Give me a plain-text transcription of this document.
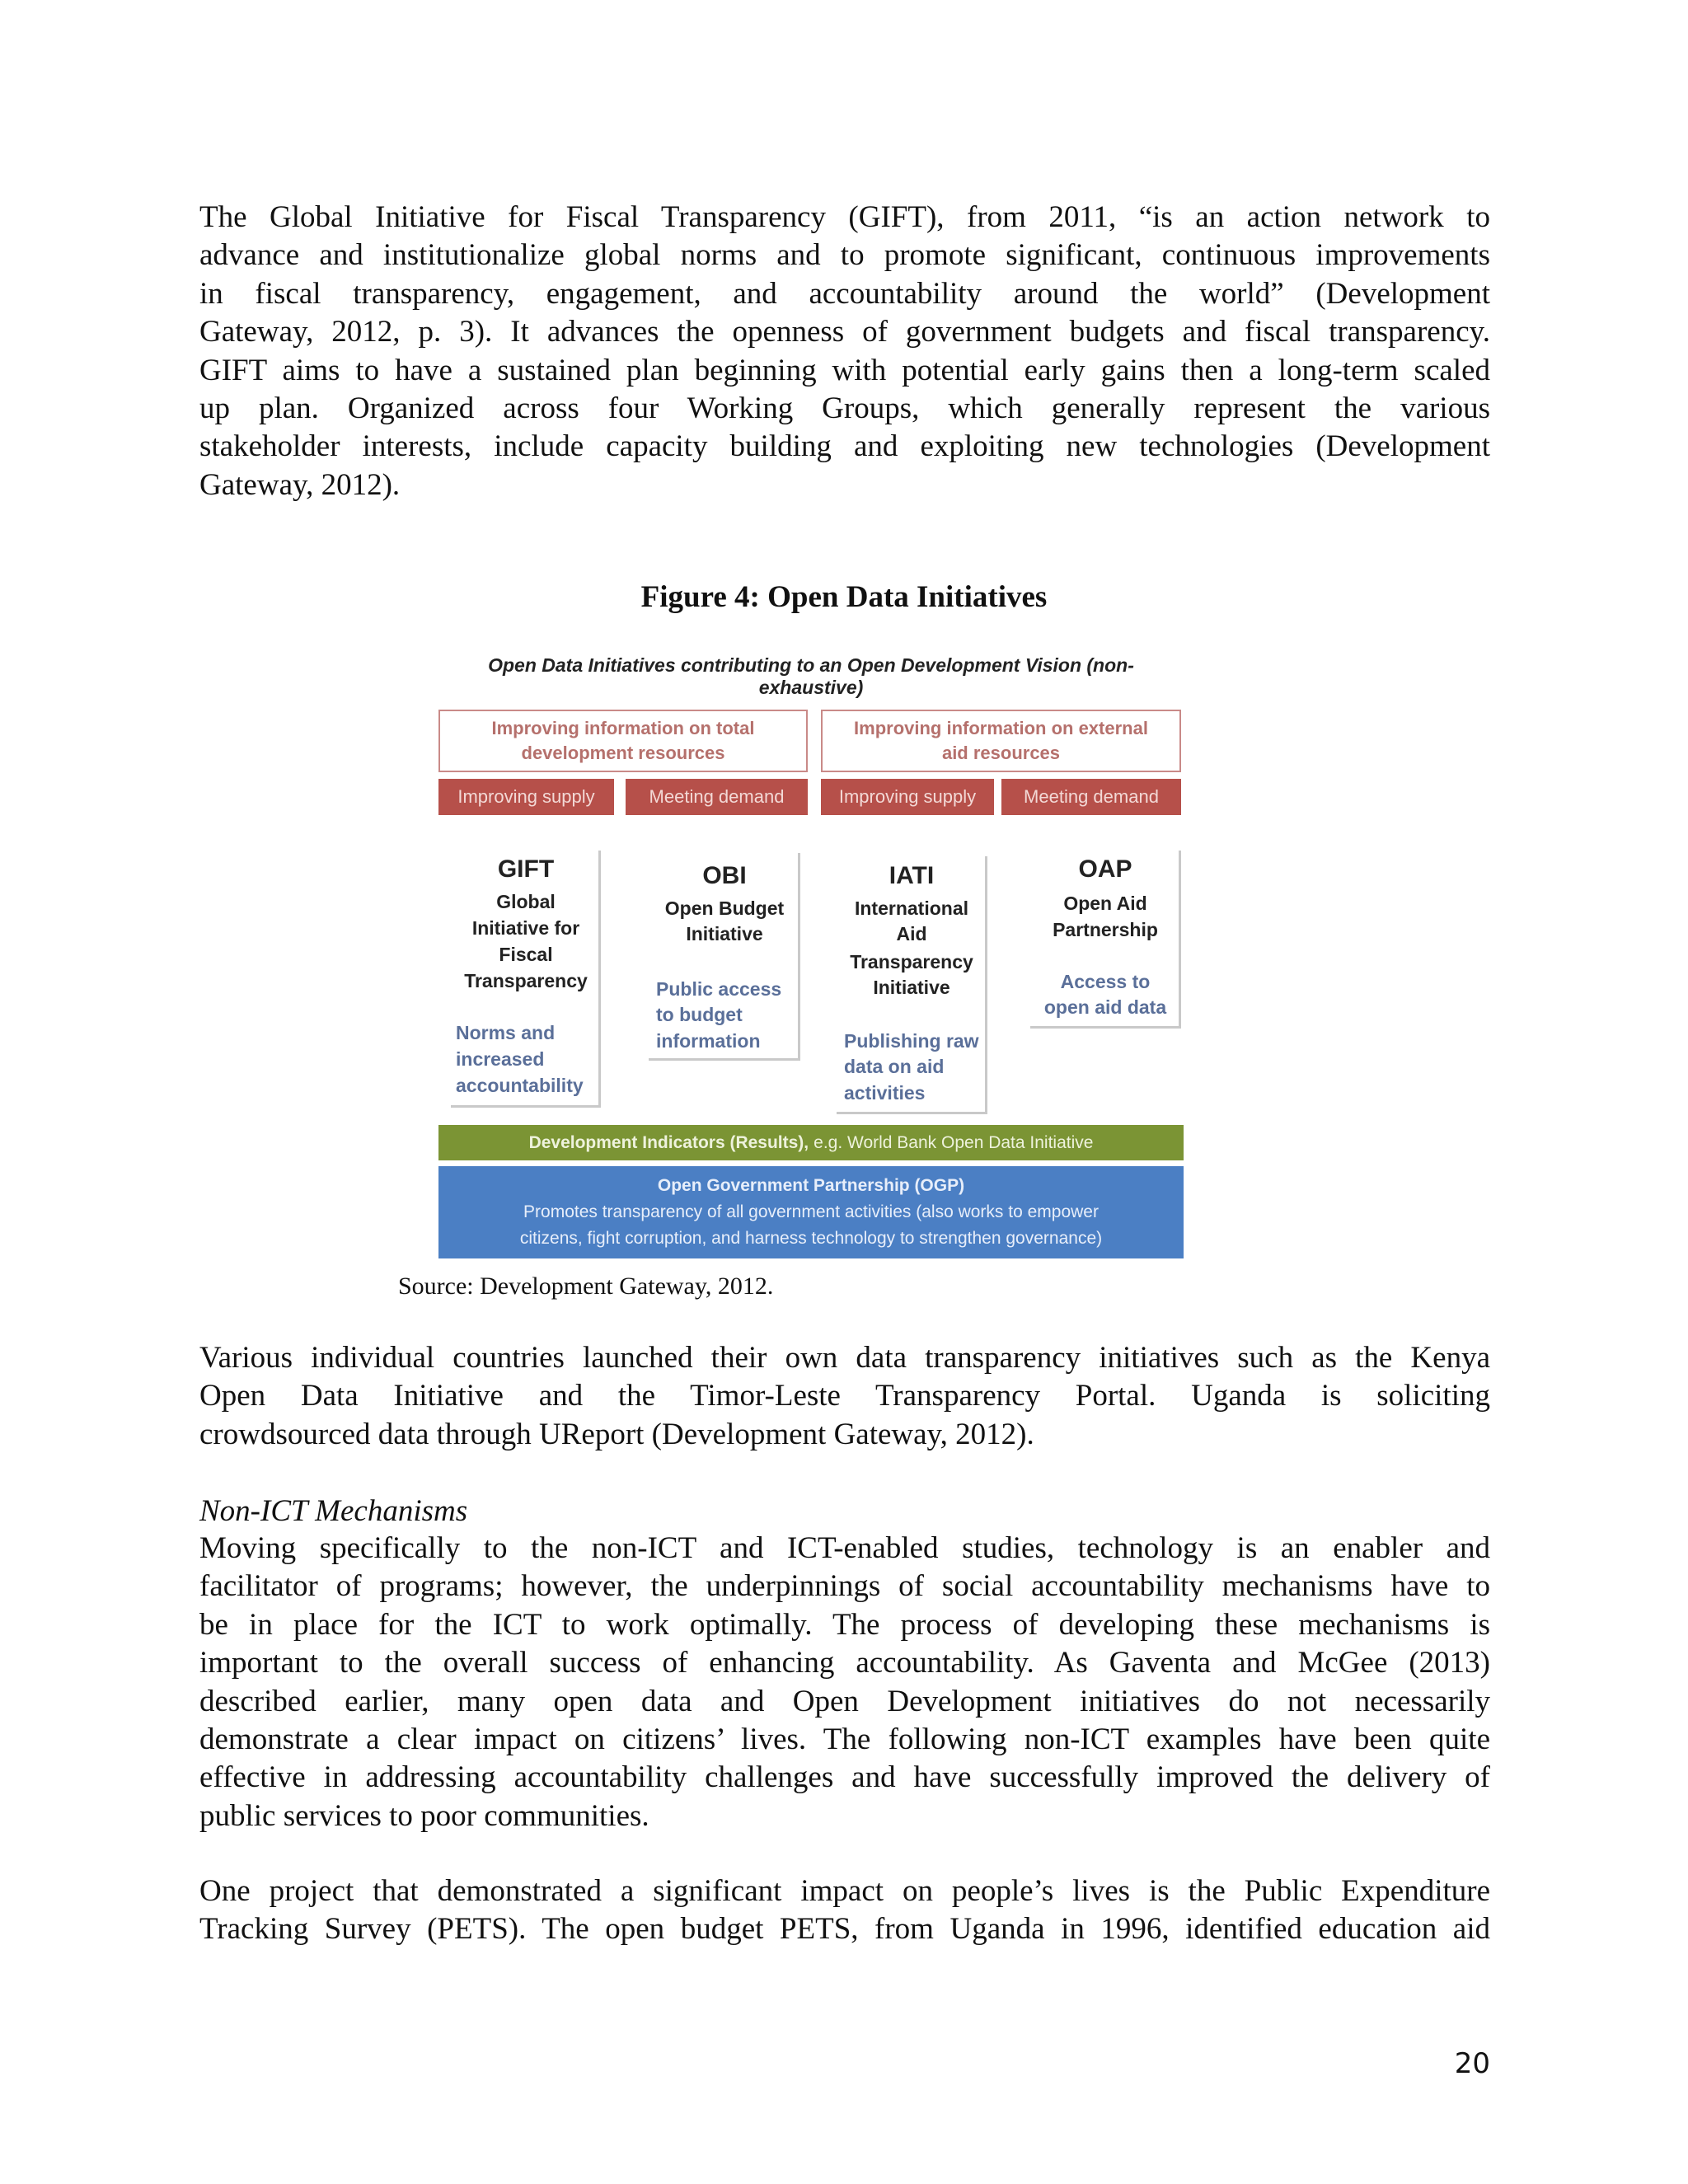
The Global Initiative for Fiscal Transparency (GIFT), from 2011, “is an action network to
advance and institutionalize global norms and to promote significant, continuous improvements
in fiscal transparency, engagement, and accountability around the world” (Development
Gateway, 2012, p. 3). It advances the openness of government budgets and fiscal transparency.
GIFT aims to have a sustained plan beginning with potential early gains then a long-term scaled
up plan. Organized across four Working Groups, which generally represent the various
stakeholder interests, include capacity building and exploiting new technologies (Development
Gateway, 2012).
Figure 4: Open Data Initiatives
Open Data Initiatives contributing to an Open Development Vision (non-exhaustive)
Improving information on total
development resources
Improving information on external
aid resources
Improving supply	Meeting demand	Improving supply	Meeting demand
GIFT
Global
Initiative for
Fiscal
Transparency
Norms and
increased
accountability
OBI
Open Budget
Initiative
Public access
to budget
information
IATI
International
Aid
Transparency
Initiative
Publishing raw
data on aid
activities
OAP
Open Aid
Partnership
Access to
open aid data
Development Indicators (Results), e.g. World Bank Open Data Initiative
Open Government Partnership (OGP)
Promotes transparency of all government activities (also works to empower
citizens, fight corruption, and harness technology to strengthen governance)
Source: Development Gateway, 2012.
Various individual countries launched their own data transparency initiatives such as the Kenya
Open Data Initiative and the Timor-Leste Transparency Portal. Uganda is soliciting
crowdsourced data through UReport (Development Gateway, 2012).
Non-ICT Mechanisms
Moving specifically to the non-ICT and ICT-enabled studies, technology is an enabler and
facilitator of programs; however, the underpinnings of social accountability mechanisms have to
be in place for the ICT to work optimally. The process of developing these mechanisms is
important to the overall success of enhancing accountability. As Gaventa and McGee (2013)
described earlier, many open data and Open Development initiatives do not necessarily
demonstrate a clear impact on citizens’ lives. The following non-ICT examples have been quite
effective in addressing accountability challenges and have successfully improved the delivery of
public services to poor communities.
One project that demonstrated a significant impact on people’s lives is the Public Expenditure
Tracking Survey (PETS). The open budget PETS, from Uganda in 1996, identified education aid
20
